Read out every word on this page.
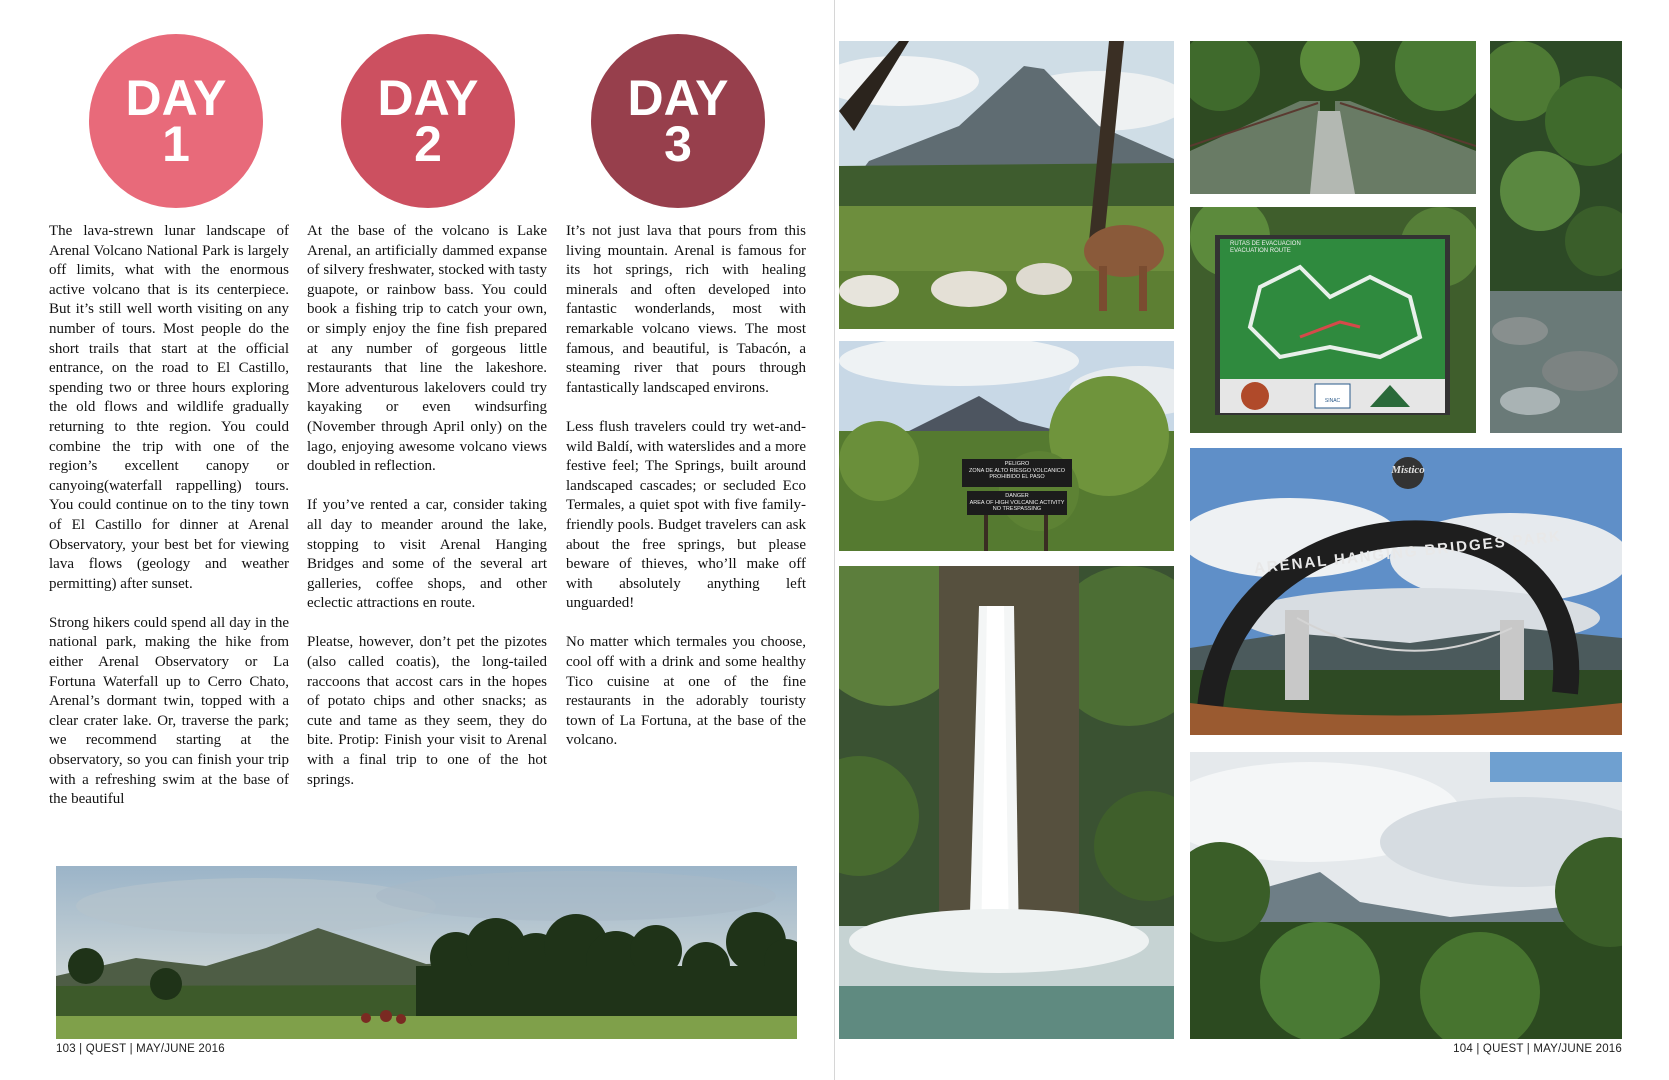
DAY
1
DAY
2
DAY
3

The lava-strewn lunar landscape of Arenal Volcano National Park is largely off limits, what with the enormous active volcano that is its centerpiece. But it’s still well worth visiting on any number of tours. Most people do the short trails that start at the official entrance, on the road to El Castillo, spending two or three hours exploring the old flows and wildlife gradually returning to thte region. You could combine the trip with one of the region’s excellent canopy or canyoing(waterfall rappelling) tours. You could continue on to the tiny town of El Castillo for dinner at Arenal Observatory, your best bet for viewing lava flows (geology and weather permitting) after sunset.

Strong hikers could spend all day in the national park, making the hike from either Arenal Observatory or La Fortuna Waterfall up to Cerro Chato, Arenal’s dormant twin, topped with a clear crater lake. Or, traverse the park; we recommend starting at the observatory, so you can finish your trip with a refreshing swim at the base of the beautiful

At the base of the volcano is Lake Arenal, an artificially dammed expanse of silvery freshwater, stocked with tasty guapote, or rainbow bass. You could book a fishing trip to catch your own, or simply enjoy the fine fish prepared at any number of gorgeous little restaurants that line the lakeshore. More adventurous lakelovers could try kayaking or even windsurfing (November through April only) on the lago, enjoying awesome volcano views doubled in reflection.

If you’ve rented a car, consider taking all day to meander around the lake, stopping to visit Arenal Hanging Bridges and some of the several art galleries, coffee shops, and other eclectic attractions en route.

Pleatse, however, don’t pet the pizotes (also called coatis), the long-tailed raccoons that accost cars in the hopes of potato chips and other snacks; as cute and tame as they seem, they do bite. Protip: Finish your visit to Arenal with a final trip to one of the hot springs.

It’s not just lava that pours from this living mountain. Arenal is famous for its hot springs, rich with healing minerals and often developed into fantastic wonderlands, most with remarkable volcano views. The most famous, and beautiful, is Tabacón, a steaming river that pours through fantastically landscaped environs.

Less flush travelers could try wet-and-wild Baldí, with waterslides and a more festive feel; The Springs, built around landscaped cascades; or secluded Eco Termales, a quiet spot with five family-friendly pools. Budget travelers can ask about the free springs, but please beware of thieves, who’ll make off with absolutely anything left unguarded!

No matter which termales you choose, cool off with a drink and some healthy Tico cuisine at one of the fine restaurants in the adorably touristy town of La Fortuna, at the base of the volcano.

PELIGRO
ZONA DE ALTO RIESGO VOLCANICO
PROHIBIDO EL PASO
DANGER
AREA OF HIGH VOLCANIC ACTIVITY
NO TRESPASSING
RUTAS DE EVACUACION
EVACUATION ROUTE
SINAC
ARENAL HANGING BRIDGES PARK
Mistico
103 | QUEST | MAY/JUNE 2016	104 | QUEST | MAY/JUNE 2016
